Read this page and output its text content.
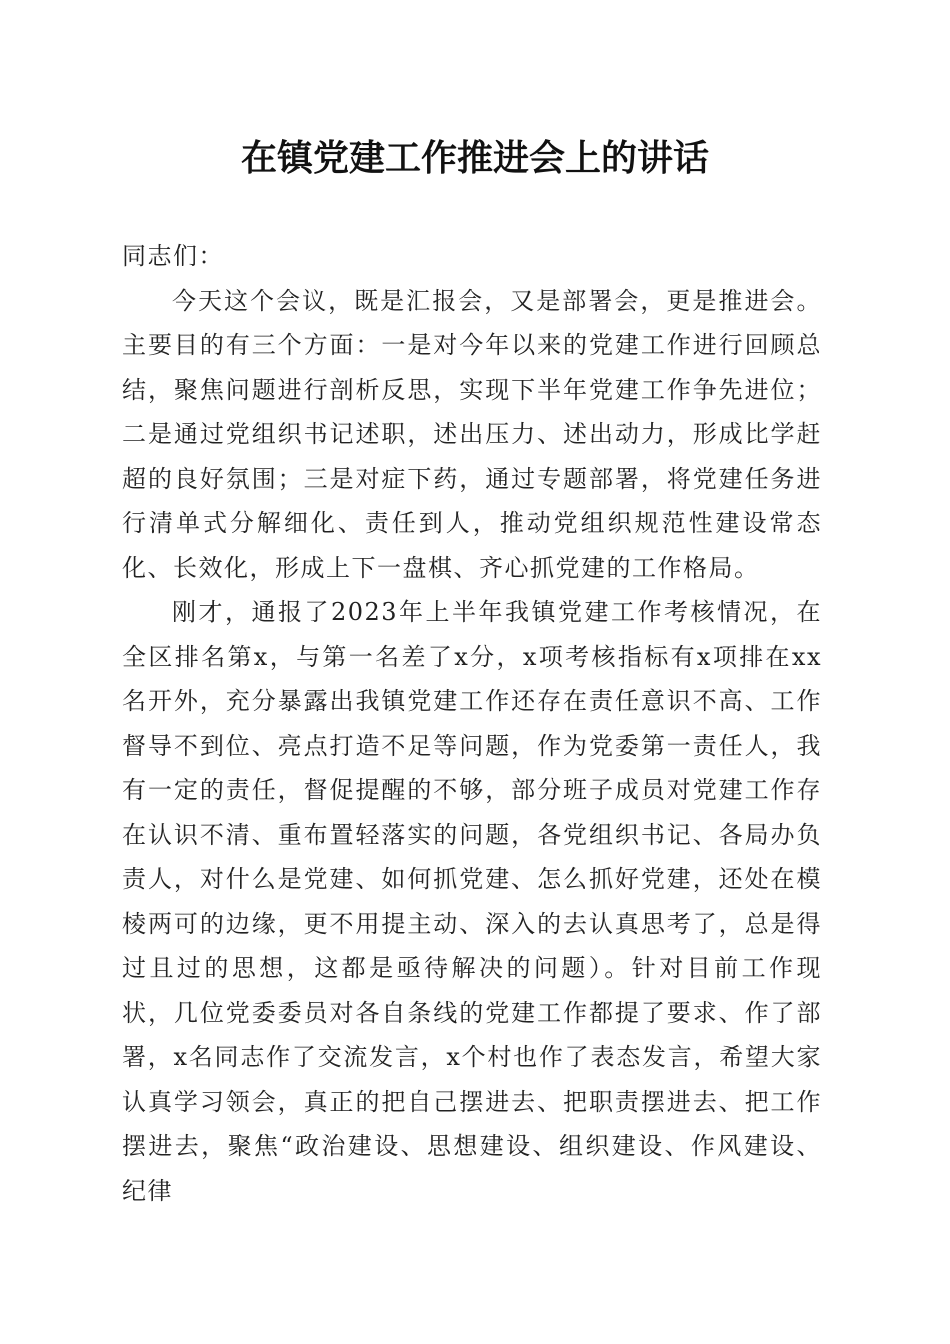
在镇党建工作推进会上的讲话

同志们：

今天这个会议，既是汇报会，又是部署会，更是推进会。主要目的有三个方面：一是对今年以来的党建工作进行回顾总结，聚焦问题进行剖析反思，实现下半年党建工作争先进位；二是通过党组织书记述职，述出压力、述出动力，形成比学赶超的良好氛围；三是对症下药，通过专题部署，将党建任务进行清单式分解细化、责任到人，推动党组织规范性建设常态化、长效化，形成上下一盘棋、齐心抓党建的工作格局。

刚才，通报了2023年上半年我镇党建工作考核情况，在全区排名第x，与第一名差了x分，x项考核指标有x项排在xx名开外，充分暴露出我镇党建工作还存在责任意识不高、工作督导不到位、亮点打造不足等问题，作为党委第一责任人，我有一定的责任，督促提醒的不够，部分班子成员对党建工作存在认识不清、重布置轻落实的问题，各党组织书记、各局办负责人，对什么是党建、如何抓党建、怎么抓好党建，还处在模棱两可的边缘，更不用提主动、深入的去认真思考了，总是得过且过的思想，这都是亟待解决的问题）。针对目前工作现状，几位党委委员对各自条线的党建工作都提了要求、作了部署，x名同志作了交流发言，x个村也作了表态发言，希望大家认真学习领会，真正的把自己摆进去、把职责摆进去、把工作摆进去，聚焦“政治建设、思想建设、组织建设、作风建设、纪律
